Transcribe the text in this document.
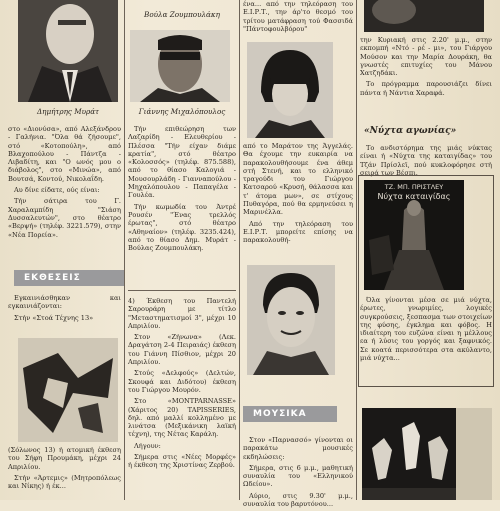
Δημήτρης Μυράτ

στο «Διονύσα», από Αλεξάνδρου - Γαλήνια. "Όλα θά ζήσουμε", στό «Κοτοπούλη», από Βλαχοπούλου - Πάντζα - Λιβαδίτη, και "Ο ωνός μου ο διάβολος", στο «Μινώα», από Βουτσά, Κοντού, Νικολαΐδη.

Αυ δίνε είδατε, ούς είναι:

Τήν σάτιρα του Γ. Χαραλαμπίδη "Σιάση Δυσσαλευτών", στο θέατρο «Βερψή» (τηλέφ. 3221.579), στην «Νέα Πορεία».

ΕΚΘΕΣΕΙΣ

Εγκαινιάσθηκαν και εγκαινιάζονται:

Στήν «Στοά Τέχνης 13»

(Σόλωνος 13) ή ατομική έκθεση του Σήφη Προυμάκη, μέχρι 24 Απριλίου.

Στήν «Άρτεμις» (Μητροπόλεως και Νίκης) ή έκ...

Βούλα Ζουμπουλάκη
Γιάννης Μιχαλόπουλος

Τήν επιθεώρηση των Λαζαρίδη - Ελευθερίου - Πλέσσα "Τήν είχαν διάμε κρατία", στό θέατρο «Κολοσσός» (τηλέφ. 875.588), από το θίασο Καλογιά - Μουσουρλάδη - Γιανναπούλου - Μηχαλόπουλου - Παπαγέλα - Γουλέα.

Τήν κωμωδία του Άντρέ Ρουσέν "Ένας τρελλός έρωτας", στό θέατρο «Αθηναίον» (τηλέφ. 3235.424), από το θίασο Δημ. Μυράτ - Βούλας Ζουμπουλάκη.

4) Έκθεση του Παντελή Σαρουράρη με τίτλο "Μεταστηματισμοί 3", μέχρι 10 Απριλίου.

Στον «Ζήνωνα» (Λεκ. Δραγάτση 2-4 Πειραιάς) έκθεση του Γιάννη Πίσθιον, μέχρι 20 Απριλίου.

Στούς «Δελφούς» (Δελτών, Σκουφά και Διδότου) έκθεση του Γιώργου Μουρόν.

Στο «MONTPARNASSE» (Χάριτος 20) TAPISSERIES, δηλ. από μαλλί κολλημένο με λινάτσα (Μεξικάνικη λαϊκή τέχνη), της Νέτας Καράλη.

Λήγουν:

Σήμερα στις «Νέες Μορφές» ή έκθεση της Χριστίνας Ζερβού.

ένα... από την τηλεόραση του Ε.Ι.Ρ.Τ., την άρ'το θεσμό του τρίτου ματάφραση τού Φασσιδά "Πάντοφουλβόρου"

από το Μαράτον της Άγγελάς. Θα έχουμε την ευκαιρία να παρακολουθήσουμε ένα άθεμ στή Στενή, και το ελληνικό τραγούδι του Γιώργου Κατσαρού «Κρυσή, θάλασσα και τ' άτομα μων», σε στίχους Πυθαγόρα, πού θα ερμηνεύσει η Μαρινέλλα.

Από την τηλεόραση του Ε.Ι.Ρ.Τ. μπορείτε επίσης να παρακολουθή-

ΜΟΥΣΙΚΑ

Στον «Παρνασσό» γίνονται οι παρακάτω μουσικές εκδηλώσεις:

Σήμερα, στις 6 μ.μ., μαθητική συναυλία του «Ελληνικού Ωδείου».

Αύριο, στις 9.30' μ.μ., συναυλία του βαρυτόνου...

την Κυριακή στις 2.20' μ.μ., στην εκπομπή «Ντό - ρέ - μι», του Γιάργου Μούσον και την Μαρία Δουράκη, θα γνωστές επιτυχίες του Μάνου Χατζηδάκι.

Το πρόγραμμα παρουσιάζει δίνει πάντα ή Νάντια Χαραφά.

«Νύχτα αγωνίας»

Το ανδιστόρημα της μιάς νύκτας είναι ή «Νύχτα της καταιγίδας» του Τζάν Πρίσλεϊ, πού κυκλοφόρησε στή σειρά των Βέσπι.

ΤΖ. ΜΠ. ΠΡΙΣΤΛΕΥ
Νύχτα καταιγίδας

Όλα γίνονται μέσα σε μιά νύχτα, έρωτες, γνωριμίες, λογικές συγκρούσεις, ξεσπασμα των στοιχείων της φύσης, έγκλημα και φόβος. Η ιδιαίτερη του ευζώνα είναι η μέλλους εα ή λύσις του γοργός και ξαφνικός. Σε κοατά περισσότερα στα ακύλαντο, μιά νύχτα...
